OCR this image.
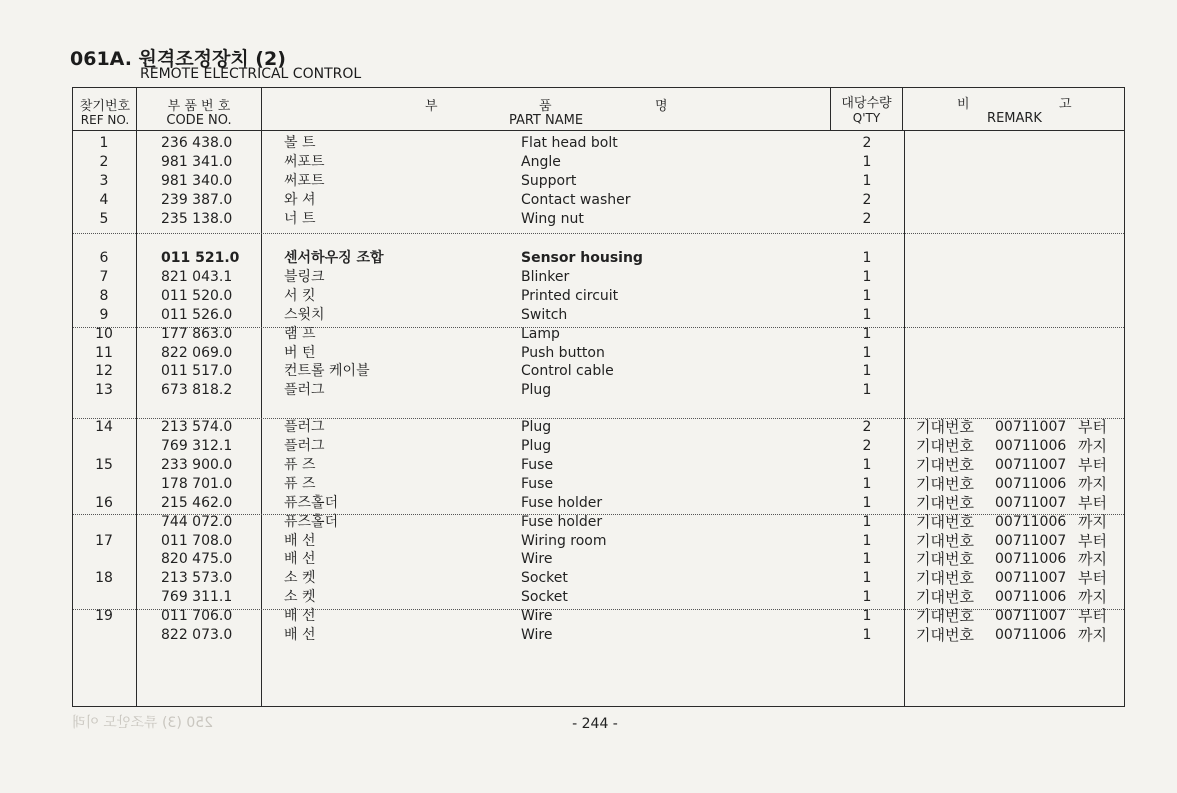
061A. 원격조정장치 (2)
REMOTE ELECTRICAL CONTROL
찾기번호
REF NO.
부 품 번 호
CODE NO.
부	품	명
PART NAME
대당수량
Q'TY
비	고
REMARK
1	236 438.0	볼 트	Flat head bolt	2
2	981 341.0	써포트	Angle	1
3	981 340.0	써포트	Support	1
4	239 387.0	와 셔	Contact washer	2
5	235 138.0	너 트	Wing nut	2
6	011 521.0	센서하우징 조합	Sensor housing	1
7	821 043.1	블링크	Blinker	1
8	011 520.0	서 킷	Printed circuit	1
9	011 526.0	스윗치	Switch	1
10	177 863.0	램 프	Lamp	1
11	822 069.0	버 턴	Push button	1
12	011 517.0	컨트롤 케이블	Control cable	1
13	673 818.2	플러그	Plug	1
14	213 574.0	플러그	Plug	2	기대번호 00711007 부터
769 312.1	플러그	Plug	2	기대번호 00711006 까지
15	233 900.0	퓨 즈	Fuse	1	기대번호 00711007 부터
178 701.0	퓨 즈	Fuse	1	기대번호 00711006 까지
16	215 462.0	퓨즈홀더	Fuse holder	1	기대번호 00711007 부터
744 072.0	퓨즈홀더	Fuse holder	1	기대번호 00711006 까지
17	011 708.0	배 선	Wiring room	1	기대번호 00711007 부터
820 475.0	배 선	Wire	1	기대번호 00711006 까지
18	213 573.0	소 켓	Socket	1	기대번호 00711007 부터
769 311.1	소 켓	Socket	1	기대번호 00711006 까지
19	011 706.0	배 선	Wire	1	기대번호 00711007 부터
822 073.0	배 선	Wire	1	기대번호 00711006 까지
- 244 -
250 (3) 류조안도 이래
